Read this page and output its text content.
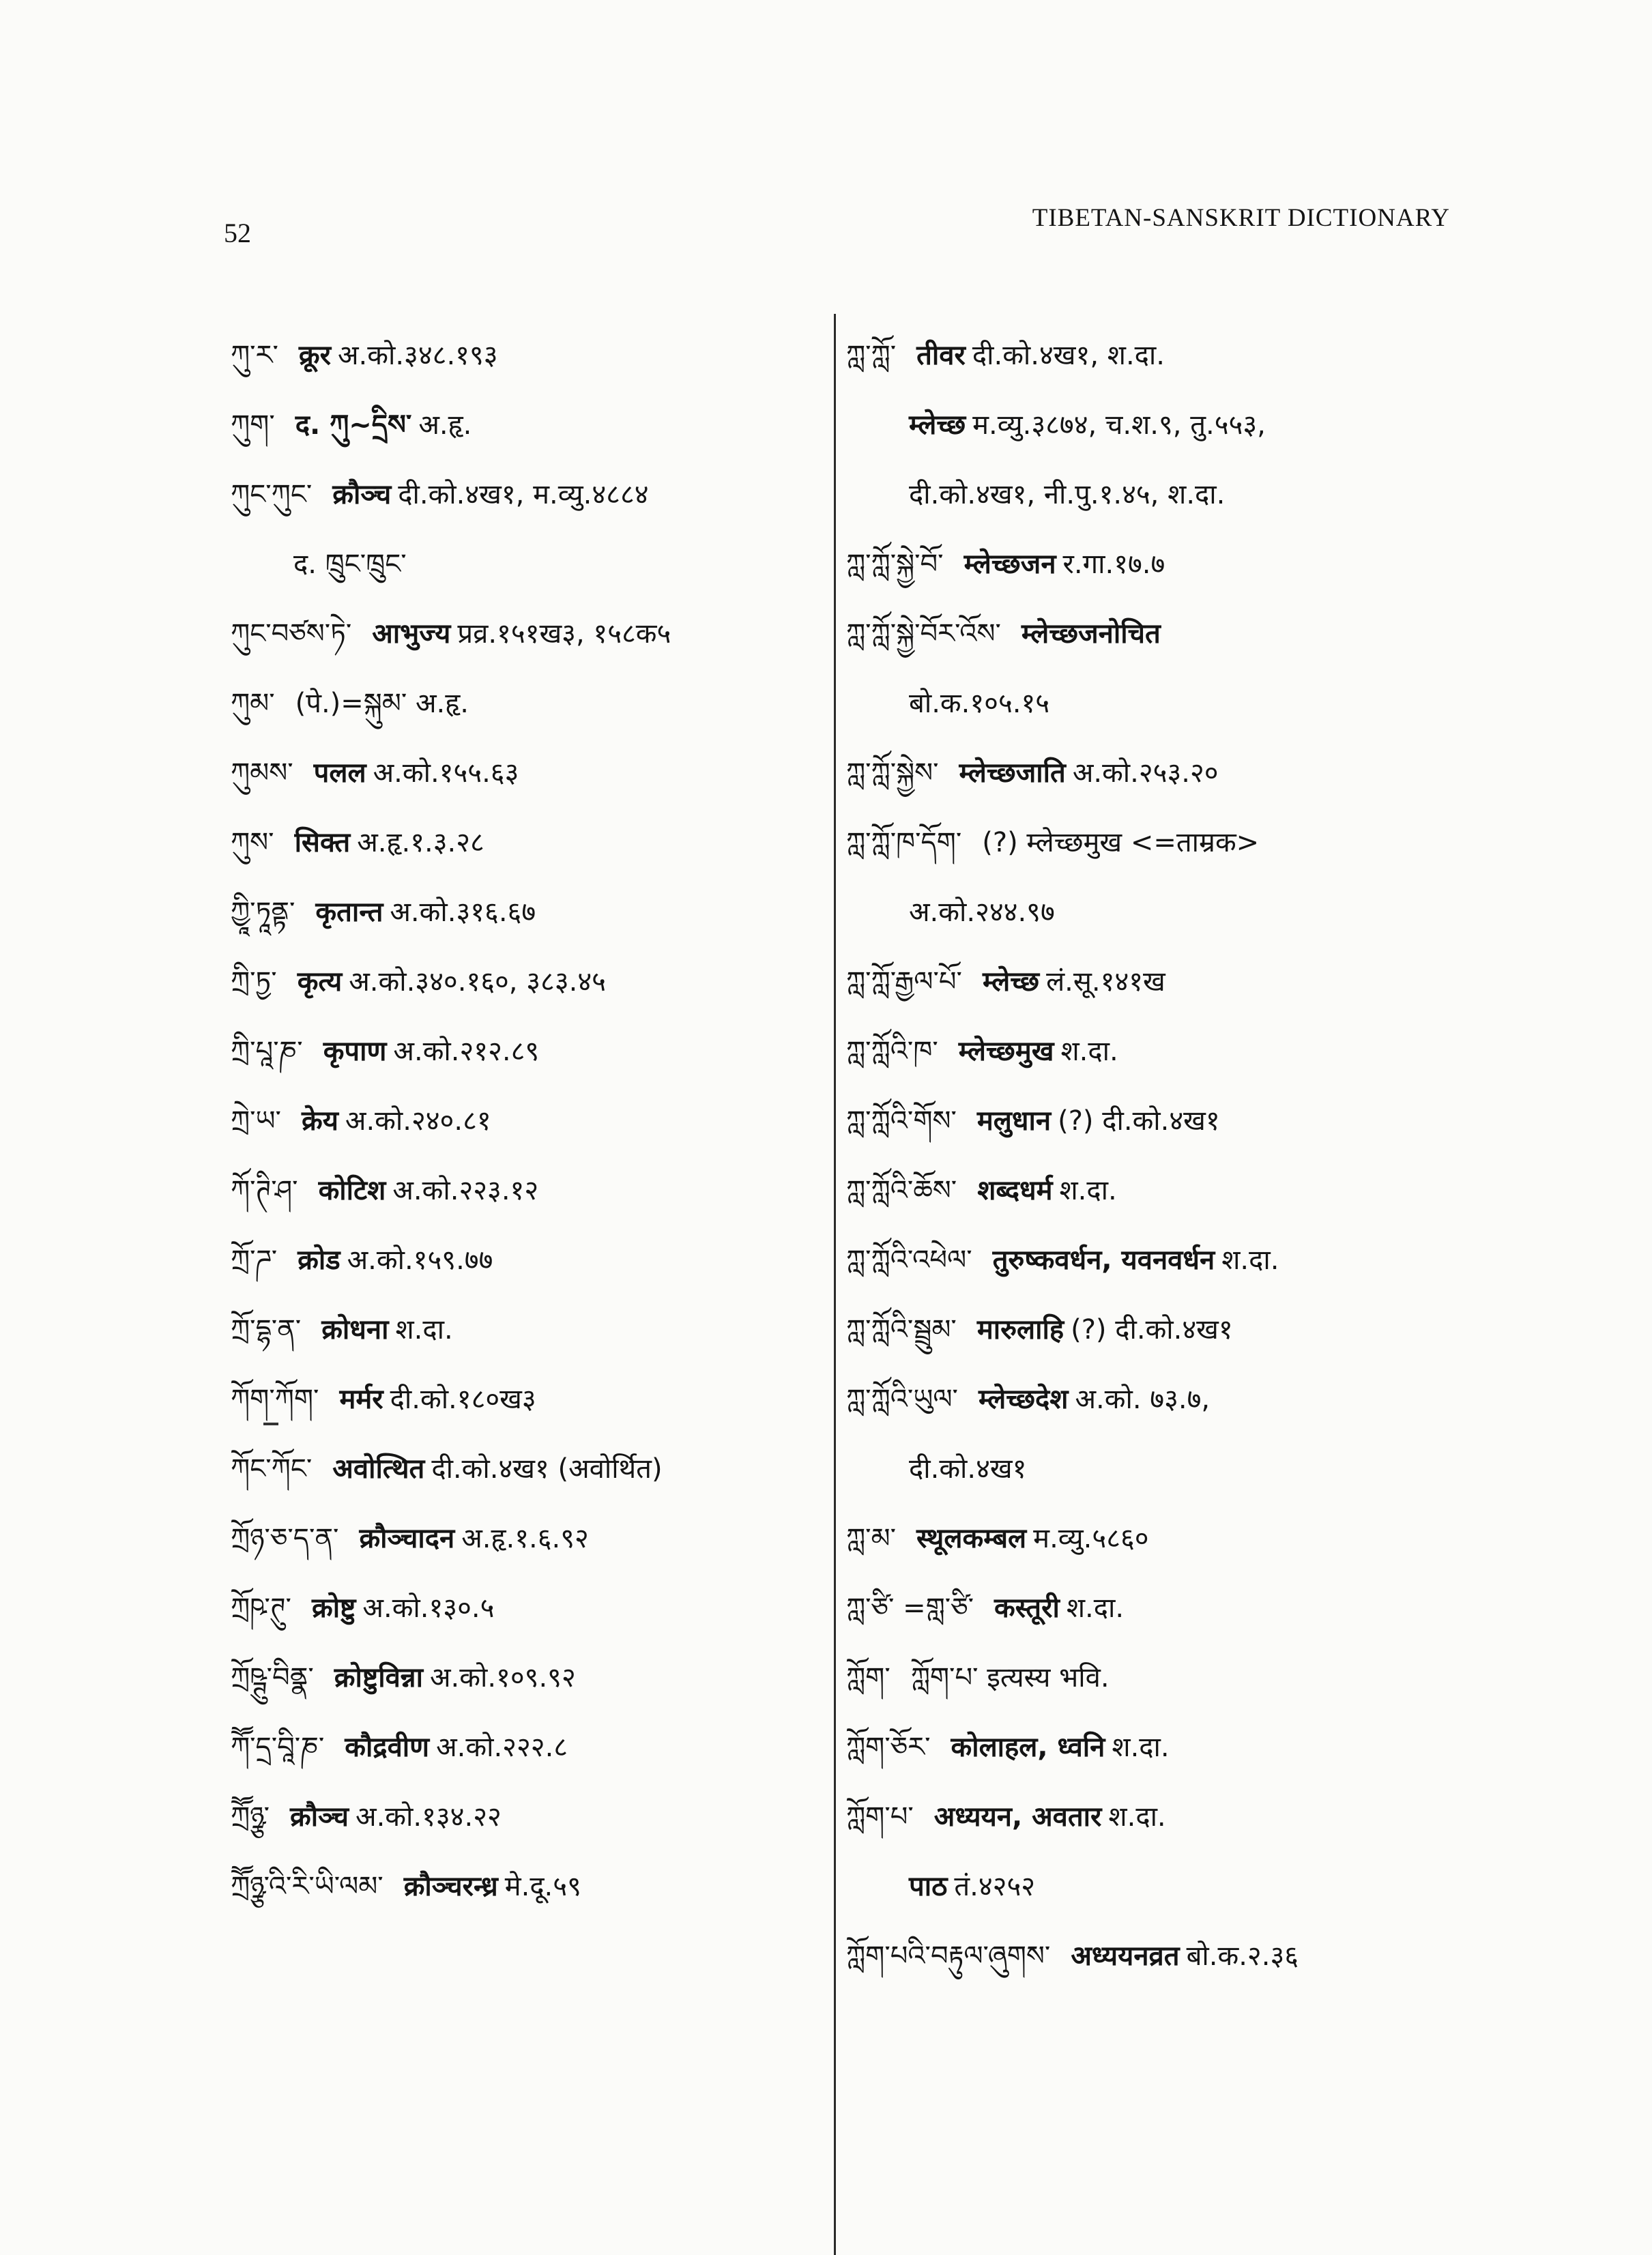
52	TIBETAN-SANSKRIT DICTIONARY
ཀུ་ར་ क्रूर अ.को.३४८.१९३
ཀུག་ द. ཀུ~དྲིས་ अ.हृ.
ཀུང་ཀུང་ क्रौञ्च दी.को.४ख१, म.व्यु.४८८४
द. ཁྲུང་ཁྲུང་
ཀུང་བཙས་ཏེ་ आभुज्य प्रव्र.१५१ख३, १५८क५
ཀུམ་ (पे.)=སྐུམ་ अ.हृ.
ཀུམས་ पलल अ.को.१५५.६३
ཀུས་ सिक्त अ.हृ.१.३.२८
ཀྱཱི་ཏཱནྟ་ कृतान्त अ.को.३१६.६७
ཀྲི་ཏྱ་ कृत्य अ.को.३४०.१६०, ३८३.४५
ཀྲི་པཱ་ཎ་ कृपाण अ.को.२१२.८९
ཀྲེ་ཡ་ क्रेय अ.को.२४०.८१
ཀོ་ཊི་ཤ་ कोटिश अ.को.२२३.१२
ཀྲོ་ཌ་ क्रोड अ.को.१५९.७७
ཀྲོ་དྷ་ན་ क्रोधना श.दा.
ཀོག་ཀོག་ मर्मर दी.को.१८०ख३
ཀོང་ཀོང་ अवोत्थित दी.को.४ख१ (अवोर्थित)
ཀྲོཉ་ཅ་ད་ན་ क्रौञ्चादन अ.हृ.१.६.९२
ཀྲོཥ་ཊུ་ क्रोष्टु अ.को.१३०.५
ཀྲོཥྚུ་བིནྣ་ क्रोष्टुविन्ना अ.को.१०९.९२
ཀཽ་དྲ་བཱི་ཎ་ कौद्रवीण अ.को.२२२.८
ཀྲཽཉྩ་ क्रौञ्च अ.को.१३४.२२
ཀྲཽཉྩ་འི་རི་ཡི་ལམ་ क्रौञ्चरन्ध्र मे.दू.५९
ཀླ་ཀློ་ तीवर दी.को.४ख१, श.दा.
म्लेच्छ म.व्यु.३८७४, च.श.९, तु.५५३,
दी.को.४ख१, नी.पु.१.४५, श.दा.
ཀླ་ཀློ་སྐྱེ་བོ་ म्लेच्छजन र.गा.१७.७
ཀླ་ཀློ་སྐྱེ་བོར་འོས་ म्लेच्छजनोचित
बो.क.१०५.१५
ཀླ་ཀློ་སྐྱེས་ म्लेच्छजाति अ.को.२५३.२०
ཀླ་ཀློ་ཁ་དོག་ (?) म्लेच्छमुख <=ताम्रक>
अ.को.२४४.९७
ཀླ་ཀློ་རྒྱལ་པོ་ म्लेच्छ लं.सू.१४१ख
ཀླ་ཀློའི་ཁ་ म्लेच्छमुख श.दा.
ཀླ་ཀློའི་གོས་ मलुधान (?) दी.को.४ख१
ཀླ་ཀློའི་ཆོས་ शब्दधर्म श.दा.
ཀླ་ཀློའི་འཕེལ་ तुरुष्कवर्धन, यवनवर्धन श.दा.
ཀླ་ཀློའི་སྦྲུམ་ मारुलाहि (?) दी.को.४ख१
ཀླ་ཀློའི་ཡུལ་ म्लेच्छदेश अ.को. ७३.७,
दी.को.४ख१
ཀླ་མ་ स्थूलकम्बल म.व्यु.५८६०
ཀླ་ཙི་ =གླ་ཙི་ कस्तूरी श.दा.
ཀློག་ ཀློག་པ་ इत्यस्य भवि.
ཀློག་ཅོར་ कोलाहल, ध्वनि श.दा.
ཀློག་པ་ अध्ययन, अवतार श.दा.
पाठ तं.४२५२
ཀློག་པའི་བརྟུལ་ཞུགས་ अध्ययनव्रत बो.क.२.३६
